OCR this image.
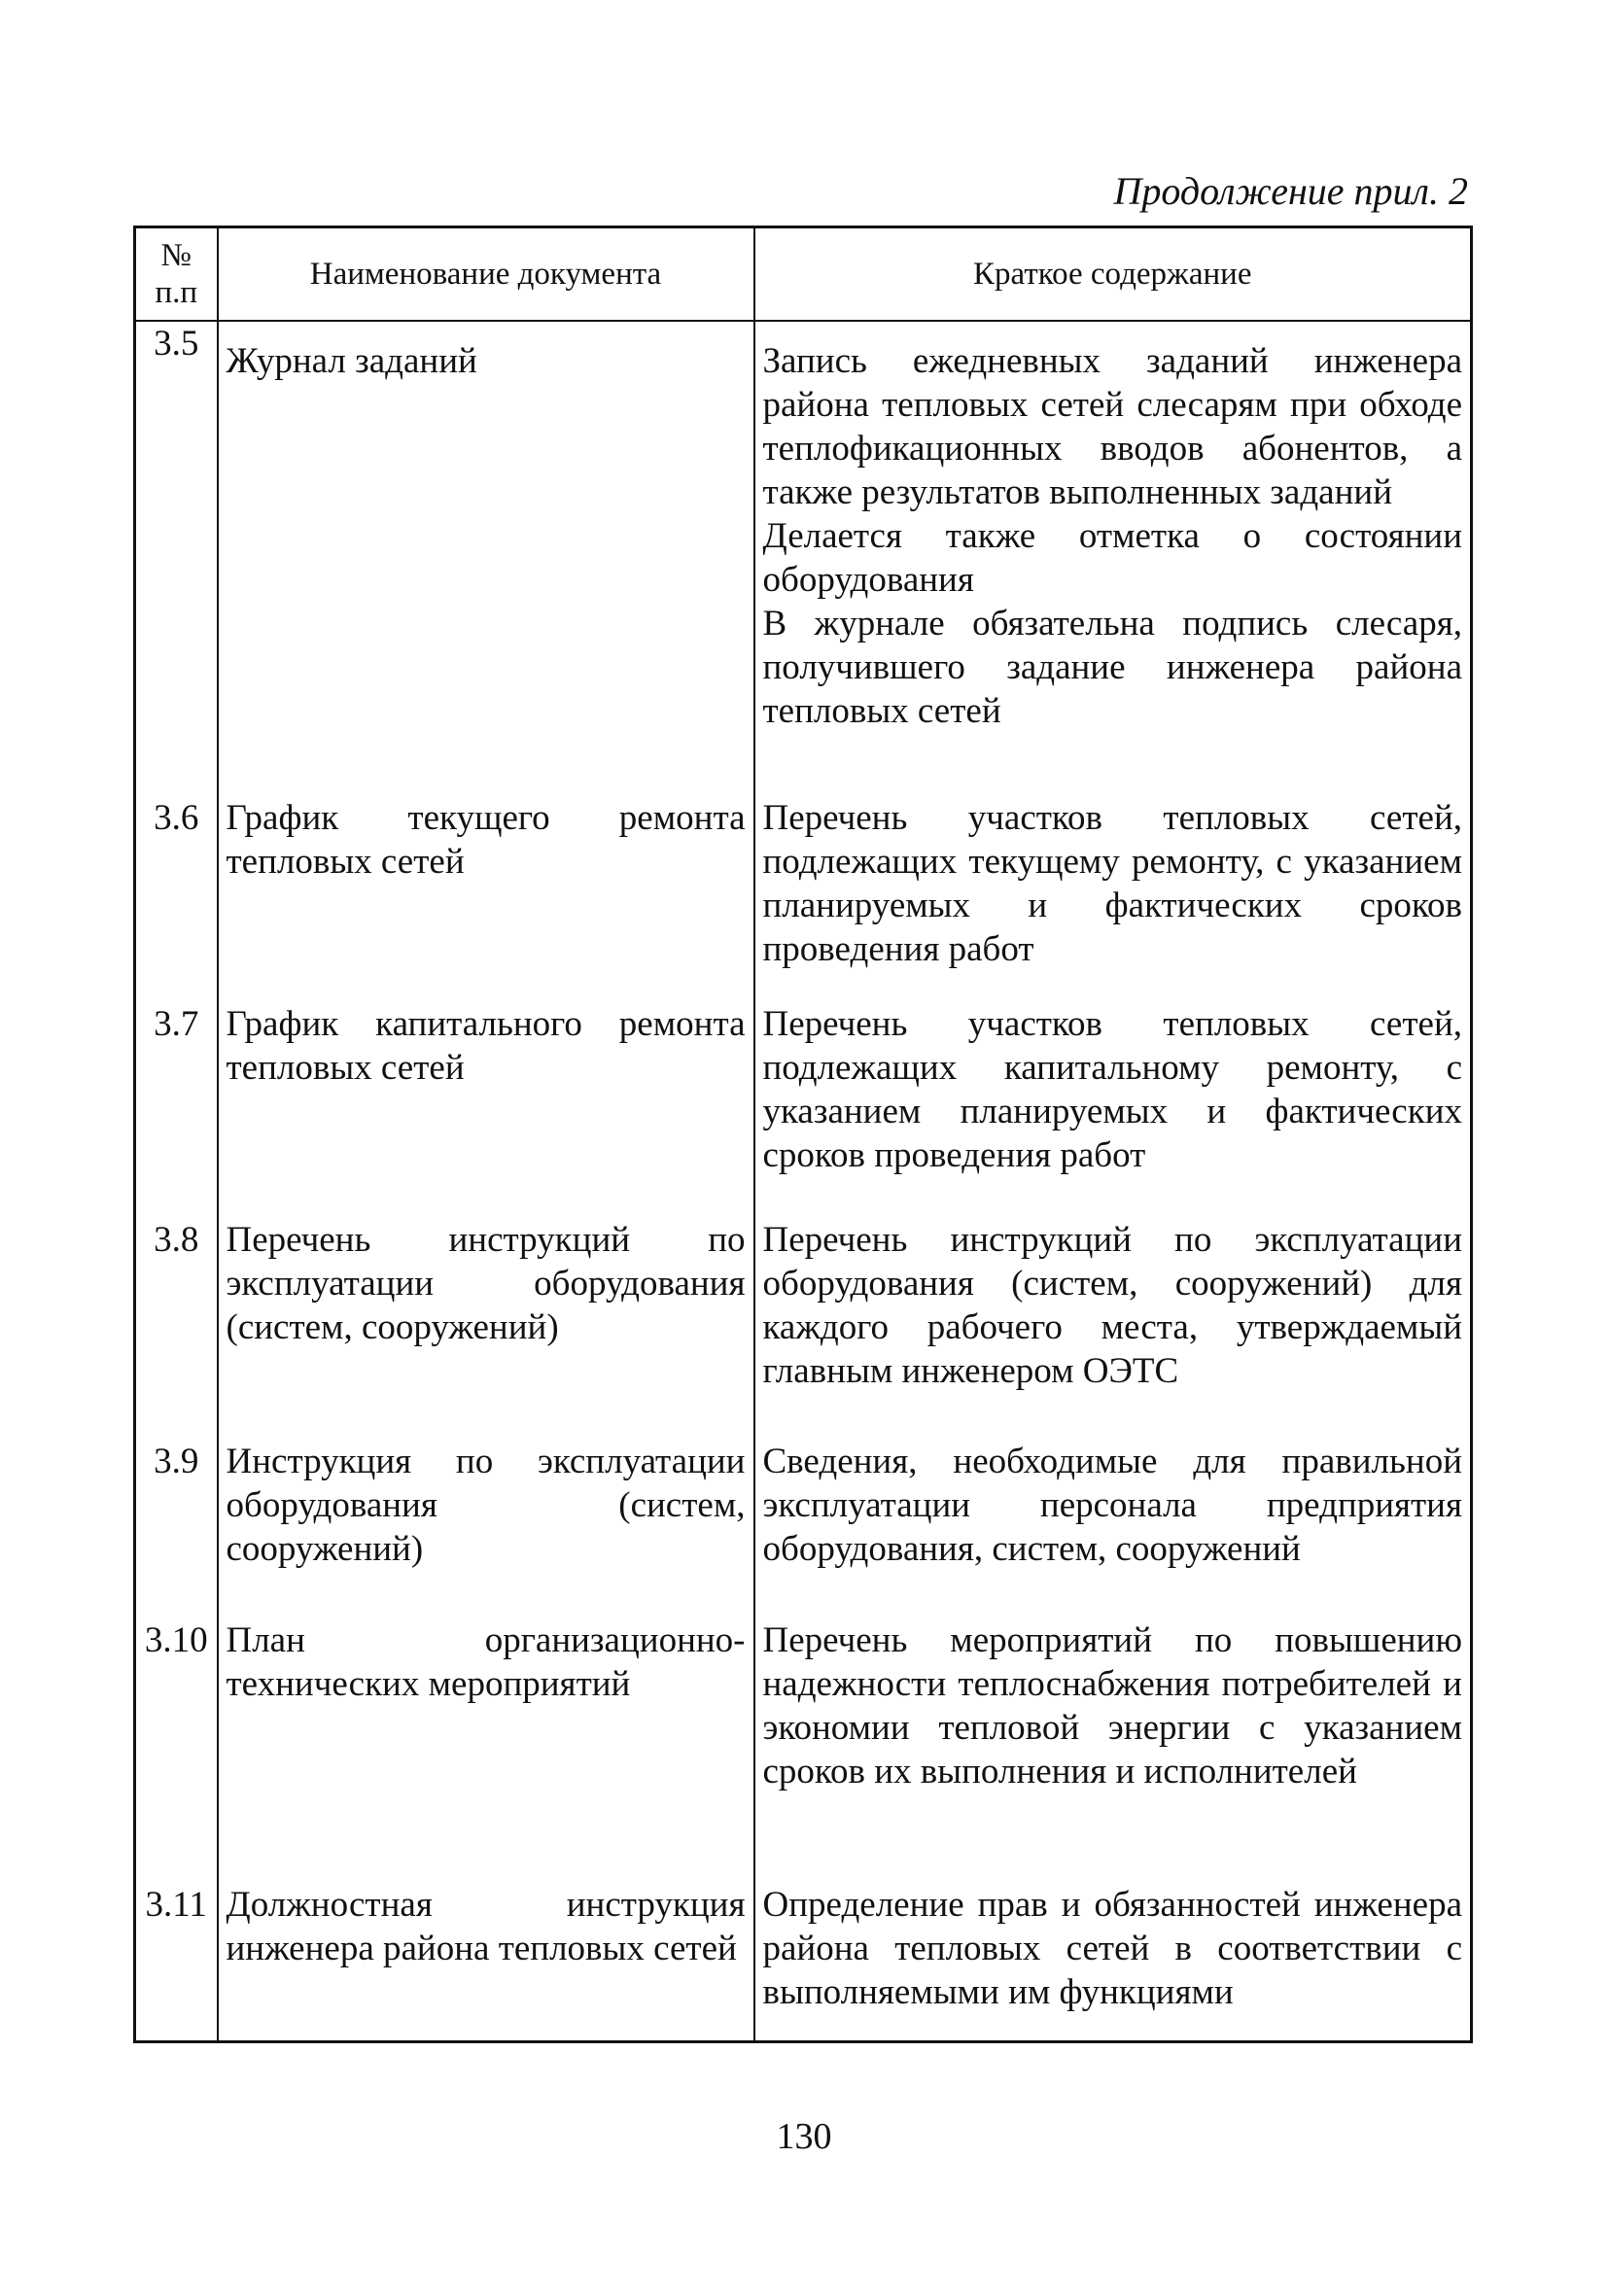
Продолжение прил. 2
№
п.п	Наименование документа	Краткое содержание
3.5	Журнал заданий	Запись ежедневных заданий инженера района тепловых сетей слесарям при обходе теплофикационных вводов абонентов, а также результатов выполненных заданий
Делается также отметка о состоянии оборудования
В журнале обязательна подпись слесаря, получившего задание инженера района тепловых сетей
3.6	График текущего ремонта тепловых сетей	Перечень участков тепловых сетей, подлежащих текущему ремонту, с указанием планируемых и фактических сроков проведения работ
3.7	График капитального ремонта тепловых сетей	Перечень участков тепловых сетей, подлежащих капитальному ремонту, с указанием планируемых и фактических сроков проведения работ
3.8	Перечень инструкций по эксплуатации оборудования (систем, сооружений)	Перечень инструкций по эксплуатации оборудования (систем, сооружений) для каждого рабочего места, утверждаемый главным инженером ОЭТС
3.9	Инструкция по эксплуатации оборудования (систем, сооружений)	Сведения, необходимые для правильной эксплуатации персонала предприятия оборудования, систем, сооружений
3.10	План организационно-технических мероприятий	Перечень мероприятий по повышению надежности теплоснабжения потребителей и экономии тепловой энергии с указанием сроков их выполнения и исполнителей
3.11	Должностная инструкция инженера района тепловых сетей	Определение прав и обязанностей инженера района тепловых сетей в соответствии с выполняемыми им функциями
130
